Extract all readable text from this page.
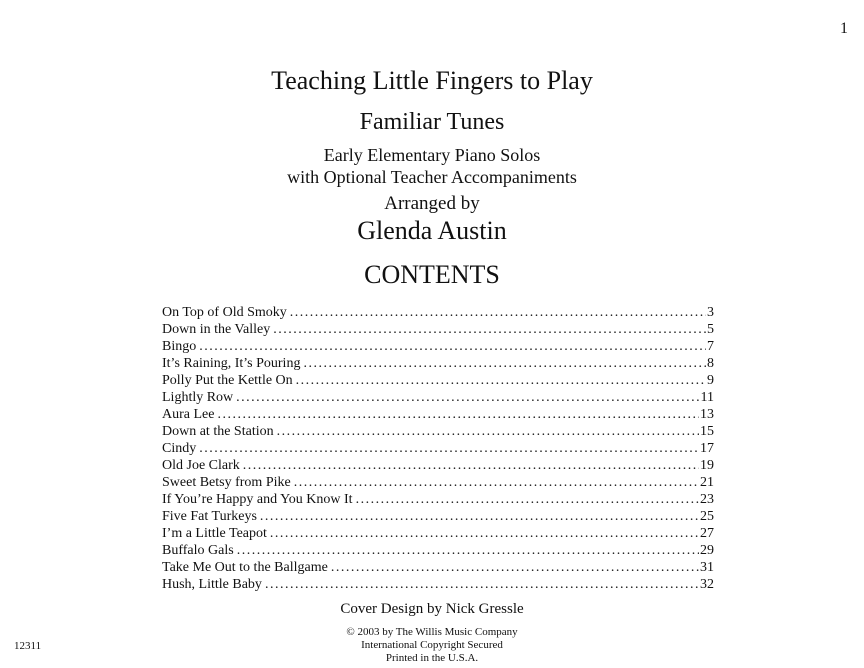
1
Teaching Little Fingers to Play
Familiar Tunes
Early Elementary Piano Solos
with Optional Teacher Accompaniments
Arranged by
Glenda Austin
CONTENTS
On Top of Old Smoky .....	3
Down in the Valley .....	5
Bingo .....	7
It’s Raining, It’s Pouring .....	8
Polly Put the Kettle On .....	9
Lightly Row .....	11
Aura Lee .....	13
Down at the Station .....	15
Cindy .....	17
Old Joe Clark .....	19
Sweet Betsy from Pike .....	21
If You’re Happy and You Know It .....	23
Five Fat Turkeys .....	25
I’m a Little Teapot .....	27
Buffalo Gals .....	29
Take Me Out to the Ballgame .....	31
Hush, Little Baby .....	32
Cover Design by Nick Gressle
© 2003 by The Willis Music Company
International Copyright Secured
Printed in the U.S.A.
12311
